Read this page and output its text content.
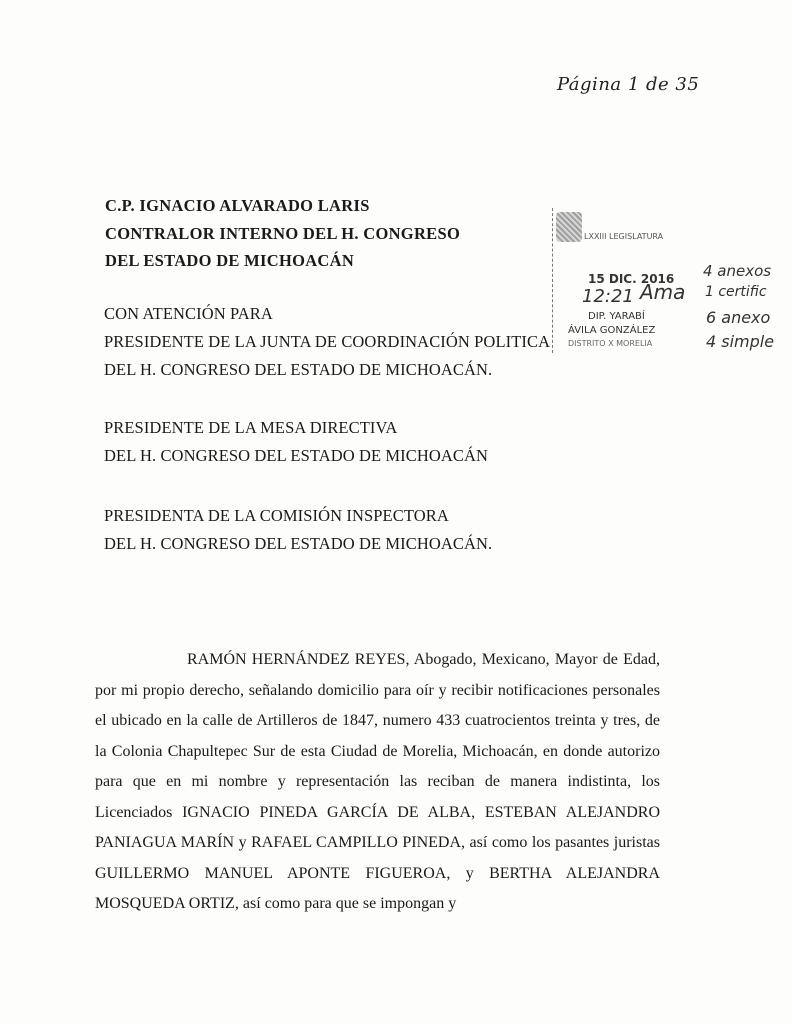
Página 1 de 35
C.P. IGNACIO ALVARADO LARIS
CONTRALOR INTERNO DEL H. CONGRESO
DEL ESTADO DE MICHOACÁN
CON ATENCIÓN PARA
PRESIDENTE DE LA JUNTA DE COORDINACIÓN POLITICA
DEL H. CONGRESO DEL ESTADO DE MICHOACÁN.
PRESIDENTE DE LA MESA DIRECTIVA
DEL H. CONGRESO DEL ESTADO DE MICHOACÁN
PRESIDENTA DE LA COMISIÓN INSPECTORA
DEL H. CONGRESO DEL ESTADO DE MICHOACÁN.
LXXIII LEGISLATURA
15 DIC. 2016
12:21 Ama
DIP. YARABÍ
ÁVILA GONZÁLEZ
DISTRITO X MORELIA
4 anexos
1 certific
6 anexo
4 simple
RAMÓN HERNÁNDEZ REYES, Abogado, Mexicano, Mayor de Edad, por mi propio derecho, señalando domicilio para oír y recibir notificaciones personales el ubicado en la calle de Artilleros de 1847, numero 433 cuatrocientos treinta y tres, de la Colonia Chapultepec Sur de esta Ciudad de Morelia, Michoacán, en donde autorizo para que en mi nombre y representación las reciban de manera indistinta, los Licenciados IGNACIO PINEDA GARCÍA DE ALBA, ESTEBAN ALEJANDRO PANIAGUA MARÍN y RAFAEL CAMPILLO PINEDA, así como los pasantes juristas GUILLERMO MANUEL APONTE FIGUEROA, y BERTHA ALEJANDRA MOSQUEDA ORTIZ, así como para que se impongan y
